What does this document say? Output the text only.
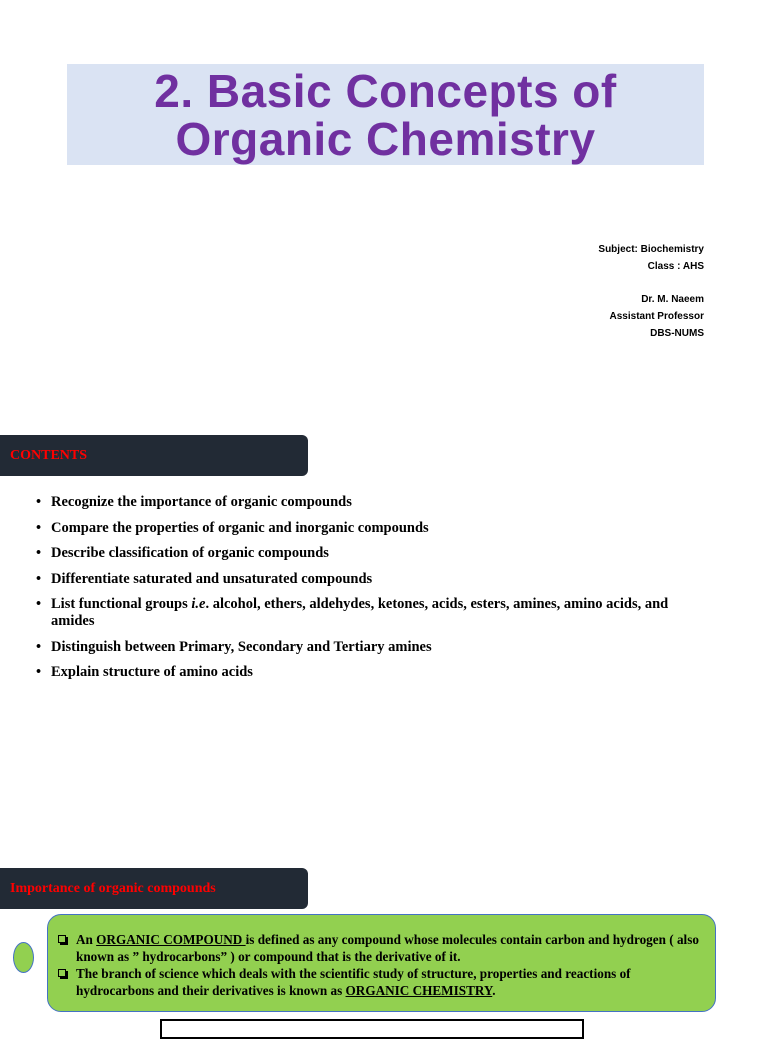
2. Basic Concepts of
Organic Chemistry
Subject: Biochemistry
Class : AHS
Dr. M. Naeem
Assistant Professor
DBS-NUMS
CONTENTS
• Recognize the importance of organic compounds
• Compare the properties of organic and inorganic compounds
• Describe classification of organic compounds
• Differentiate saturated and unsaturated compounds
• List functional groups i.e. alcohol, ethers, aldehydes, ketones, acids, esters, amines, amino acids, and amides
• Distinguish between Primary, Secondary and Tertiary amines
• Explain structure of amino acids
Importance of organic compounds
An ORGANIC COMPOUND is defined as any compound whose molecules contain carbon and hydrogen ( also known as ” hydrocarbons” ) or compound that is the derivative of it.
The branch of science which deals with the scientific study of structure, properties and reactions of hydrocarbons and their derivatives is known as ORGANIC CHEMISTRY.
